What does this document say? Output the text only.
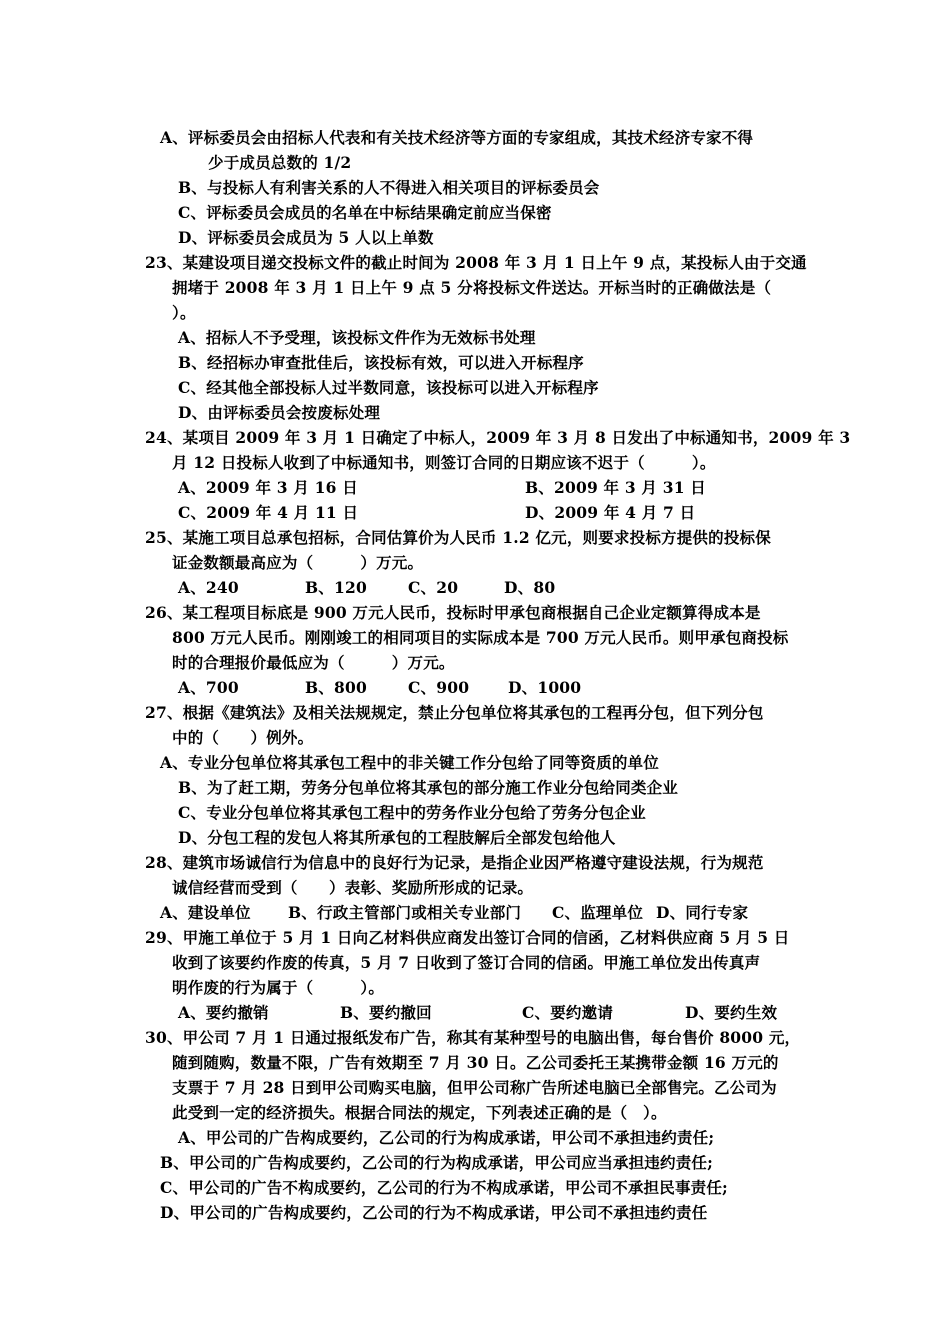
A、评标委员会由招标人代表和有关技术经济等方面的专家组成，其技术经济专家不得
少于成员总数的 1/2
B、与投标人有利害关系的人不得进入相关项目的评标委员会
C、评标委员会成员的名单在中标结果确定前应当保密
D、评标委员会成员为 5 人以上单数
23、某建设项目递交投标文件的截止时间为 2008 年 3 月 1 日上午 9 点，某投标人由于交通
拥堵于 2008 年 3 月 1 日上午 9 点 5 分将投标文件送达。开标当时的正确做法是（
）。
A、招标人不予受理，该投标文件作为无效标书处理
B、经招标办审查批佳后，该投标有效，可以进入开标程序
C、经其他全部投标人过半数同意，该投标可以进入开标程序
D、由评标委员会按废标处理
24、某项目 2009 年 3 月 1 日确定了中标人，2009 年 3 月 8 日发出了中标通知书，2009 年 3
月 12 日投标人收到了中标通知书，则签订合同的日期应该不迟于（　　　）。
A、2009 年 3 月 16 日	B、2009 年 3 月 31 日
C、2009 年 4 月 11 日	D、2009 年 4 月 7 日
25、某施工项目总承包招标，合同估算价为人民币 1.2 亿元，则要求投标方提供的投标保
证金数额最高应为（　　　）万元。
A、240	B、120	C、20	D、80
26、某工程项目标底是 900 万元人民币，投标时甲承包商根据自己企业定额算得成本是
800 万元人民币。刚刚竣工的相同项目的实际成本是 700 万元人民币。则甲承包商投标
时的合理报价最低应为（　　　）万元。
A、700	B、800	C、900	D、1000
27、根据《建筑法》及相关法规规定，禁止分包单位将其承包的工程再分包，但下列分包
中的（　　）例外。
A、专业分包单位将其承包工程中的非关键工作分包给了同等资质的单位
B、为了赶工期，劳务分包单位将其承包的部分施工作业分包给同类企业
C、专业分包单位将其承包工程中的劳务作业分包给了劳务分包企业
D、分包工程的发包人将其所承包的工程肢解后全部发包给他人
28、建筑市场诚信行为信息中的良好行为记录，是指企业因严格遵守建设法规，行为规范
诚信经营而受到（　　）表彰、奖励所形成的记录。
A、建设单位 B、行政主管部门或相关专业部门 C、监理单位 D、同行专家
29、甲施工单位于 5 月 1 日向乙材料供应商发出签订合同的信函，乙材料供应商 5 月 5 日
收到了该要约作废的传真，5 月 7 日收到了签订合同的信函。甲施工单位发出传真声
明作废的行为属于（　　　）。
A、要约撤销	B、要约撤回	C、要约邀请	D、要约生效
30、甲公司 7 月 1 日通过报纸发布广告，称其有某种型号的电脑出售，每台售价 8000 元，
随到随购，数量不限，广告有效期至 7 月 30 日。乙公司委托王某携带金额 16 万元的
支票于 7 月 28 日到甲公司购买电脑，但甲公司称广告所述电脑已全部售完。乙公司为
此受到一定的经济损失。根据合同法的规定，下列表述正确的是（　）。
A、甲公司的广告构成要约，乙公司的行为构成承诺，甲公司不承担违约责任;
B、甲公司的广告构成要约，乙公司的行为构成承诺，甲公司应当承担违约责任;
C、甲公司的广告不构成要约，乙公司的行为不构成承诺，甲公司不承担民事责任;
D、甲公司的广告构成要约，乙公司的行为不构成承诺，甲公司不承担违约责任
